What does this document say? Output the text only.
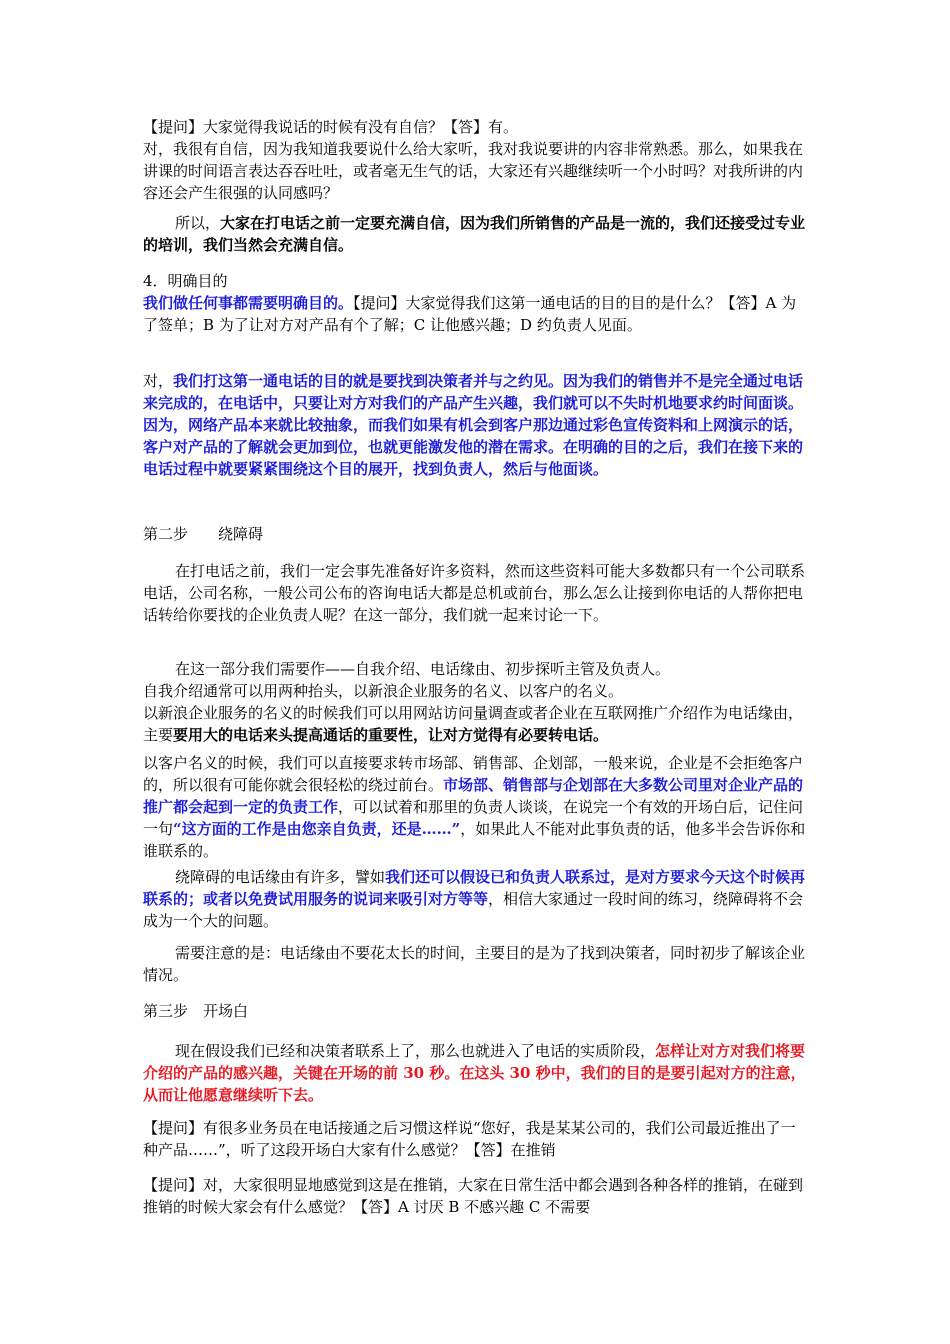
【提问】大家觉得我说话的时候有没有自信？【答】有。
对，我很有自信，因为我知道我要说什么给大家听，我对我说要讲的内容非常熟悉。那么，如果我在讲课的时间语言表达吞吞吐吐，或者毫无生气的话，大家还有兴趣继续听一个小时吗？对我所讲的内容还会产生很强的认同感吗？
所以，大家在打电话之前一定要充满自信，因为我们所销售的产品是一流的，我们还接受过专业的培训，我们当然会充满自信。
4．明确目的
我们做任何事都需要明确目的。【提问】大家觉得我们这第一通电话的目的目的是什么？【答】A 为了签单；B 为了让对方对产品有个了解；C 让他感兴趣；D 约负责人见面。
对，我们打这第一通电话的目的就是要找到决策者并与之约见。因为我们的销售并不是完全通过电话来完成的，在电话中，只要让对方对我们的产品产生兴趣，我们就可以不失时机地要求约时间面谈。因为，网络产品本来就比较抽象，而我们如果有机会到客户那边通过彩色宣传资料和上网演示的话，客户对产品的了解就会更加到位，也就更能激发他的潜在需求。在明确的目的之后，我们在接下来的电话过程中就要紧紧围绕这个目的展开，找到负责人，然后与他面谈。
第二步　　绕障碍
在打电话之前，我们一定会事先准备好许多资料，然而这些资料可能大多数都只有一个公司联系电话，公司名称，一般公司公布的咨询电话大都是总机或前台，那么怎么让接到你电话的人帮你把电话转给你要找的企业负责人呢？在这一部分，我们就一起来讨论一下。
在这一部分我们需要作——自我介绍、电话缘由、初步探听主管及负责人。
自我介绍通常可以用两种抬头，以新浪企业服务的名义、以客户的名义。
以新浪企业服务的名义的时候我们可以用网站访问量调查或者企业在互联网推广介绍作为电话缘由，主要要用大的电话来头提高通话的重要性，让对方觉得有必要转电话。
以客户名义的时候，我们可以直接要求转市场部、销售部、企划部，一般来说，企业是不会拒绝客户的，所以很有可能你就会很轻松的绕过前台。市场部、销售部与企划部在大多数公司里对企业产品的推广都会起到一定的负责工作，可以试着和那里的负责人谈谈，在说完一个有效的开场白后，记住问一句“这方面的工作是由您亲自负责，还是……”，如果此人不能对此事负责的话，他多半会告诉你和谁联系的。
绕障碍的电话缘由有许多，譬如我们还可以假设已和负责人联系过，是对方要求今天这个时候再联系的；或者以免费试用服务的说词来吸引对方等等，相信大家通过一段时间的练习，绕障碍将不会成为一个大的问题。
需要注意的是：电话缘由不要花太长的时间，主要目的是为了找到决策者，同时初步了解该企业情况。
第三步　开场白
现在假设我们已经和决策者联系上了，那么也就进入了电话的实质阶段，怎样让对方对我们将要介绍的产品的感兴趣，关键在开场的前 30 秒。在这头 30 秒中，我们的目的是要引起对方的注意，从而让他愿意继续听下去。
【提问】有很多业务员在电话接通之后习惯这样说“您好，我是某某公司的，我们公司最近推出了一种产品……”，听了这段开场白大家有什么感觉？【答】在推销
【提问】对，大家很明显地感觉到这是在推销，大家在日常生活中都会遇到各种各样的推销，在碰到推销的时候大家会有什么感觉？【答】A 讨厌 B 不感兴趣 C 不需要
